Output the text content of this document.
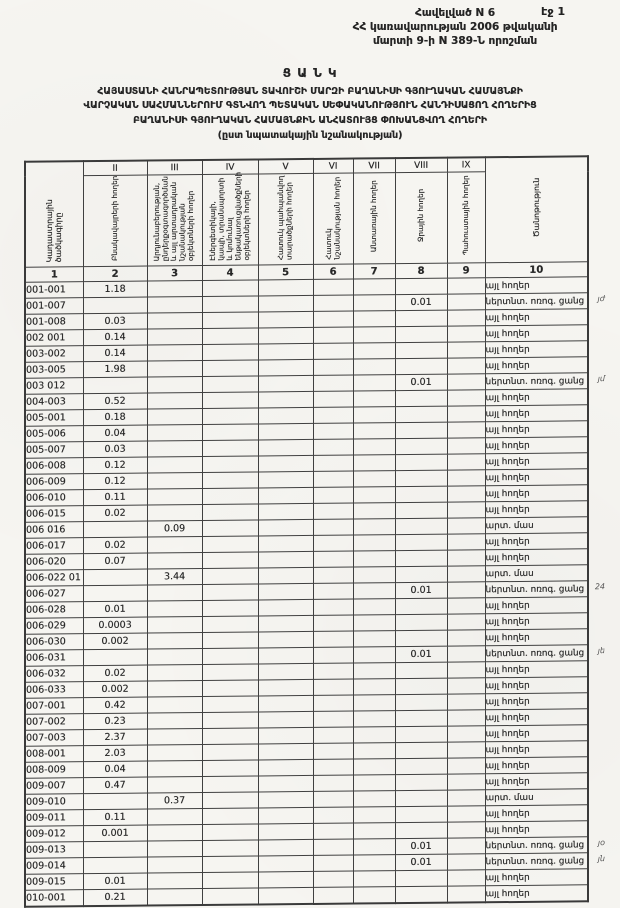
էջ 1
Հավելված N 6
ՀՀ կառավարության 2006 թվականի
մարտի 9-ի N 389-Ն որոշման
Ց Ա Ն Կ
ՀԱՅԱՍՏԱՆԻ ՀԱՆՐԱՊԵՏՈՒԹՅԱՆ ՏԱՎՈՒՇԻ ՄԱՐԶԻ ԲԱՂԱՆԻՍԻ ԳՅՈՒՂԱԿԱՆ ՀԱՄԱՅՆՔԻ
ՎԱՐՉԱԿԱՆ ՍԱՀՄԱՆՆԵՐՈՒՄ ԳՏՆՎՈՂ ՊԵՏԱԿԱՆ ՍԵՓԱԿԱՆՈՒԹՅՈՒՆ ՀԱՆԴԻՍԱՑՈՂ ՀՈՂԵՐԻՑ
ԲԱՂԱՆԻՍԻ ԳՅՈՒՂԱԿԱՆ ՀԱՄԱՅՆՔԻՆ ԱՆՀԱՏՈՒՅՑ ՓՈԽԱՆՑՎՈՂ ՀՈՂԵՐԻ
(ըստ նպատակային նշանակության)
Կադաստրային ծածկագիրը	II	III	IV	V	VI	VII	VIII	IX	Ծանոթություն
	Բնակավայրերի հողեր	Արդյունաբերության, ընդերքօգտագործման և այլ արտադրական նշանակության օբյեկտների հողեր	Էներգետիկայի, կապի, տրանսպորտի և կոմունալ ենթակառուցվածքների օբյեկտների հողեր	Հատուկ պահպանվող տարածքների հողեր	Հատուկ նշանակության հողեր	Անտառային հողեր	Ջրային հողեր	Պահուստային հողեր	
1	2	3	4	5	6	7	8	9	10
001-001	1.18								այլ հողեր
001-007							0.01		ներտնտ. ոռոգ. ցանց յժ

001-008	0.03								այլ հողեր
002 001	0.14								այլ հողեր
003-002	0.14								այլ հողեր
003-005	1.98								այլ հողեր
003 012							0.01		ներտնտ. ոռոգ. ցանց յմ

004-003	0.52								այլ հողեր
005-001	0.18								այլ հողեր
005-006	0.04								այլ հողեր
005-007	0.03								այլ հողեր
006-008	0.12								այլ հողեր
006-009	0.12								այլ հողեր
006-010	0.11								այլ հողեր
006-015	0.02								այլ հողեր
006 016		0.09							արտ. մաս
006-017	0.02								այլ հողեր
006-020	0.07								այլ հողեր
006-022 01		3.44							արտ. մաս
006-027							0.01		ներտնտ. ոռոգ. ցանց 24

006-028	0.01								այլ հողեր
006-029	0.0003								այլ հողեր
006-030	0.002								այլ հողեր
006-031							0.01		ներտնտ. ոռոգ. ցանց յե

006-032	0.02								այլ հողեր
006-033	0.002								այլ հողեր
007-001	0.42								այլ հողեր
007-002	0.23								այլ հողեր
007-003	2.37								այլ հողեր
008-001	2.03								այլ հողեր
008-009	0.04								այլ հողեր
009-007	0.47								այլ հողեր
009-010		0.37							արտ. մաս
009-011	0.11								այլ հողեր
009-012	0.001								այլ հողեր
009-013							0.01		ներտնտ. ոռոգ. ցանց յօ

009-014							0.01		ներտնտ. ոռոգ. ցանց յն

009-015	0.01								այլ հողեր
010-001	0.21								այլ հողեր
